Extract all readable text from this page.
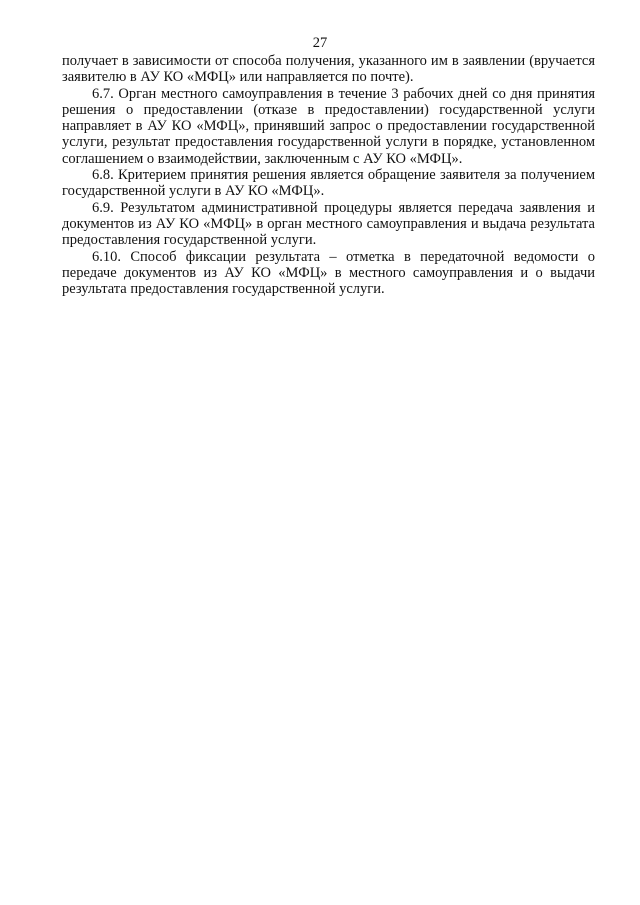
27

получает в зависимости от способа получения, указанного им в заявлении (вручается заявителю в АУ КО «МФЦ» или направляется по почте).

6.7. Орган местного самоуправления в течение 3 рабочих дней со дня принятия решения о предоставлении (отказе в предоставлении) государственной услуги направляет в АУ КО «МФЦ», принявший запрос о предоставлении государственной услуги, результат предоставления государственной услуги в порядке, установленном соглашением о взаимодействии, заключенным с АУ КО «МФЦ».

6.8. Критерием принятия решения является обращение заявителя за получением государственной услуги в АУ КО «МФЦ».

6.9. Результатом административной процедуры является передача заявления и документов из АУ КО «МФЦ» в орган местного самоуправления и выдача результата предоставления государственной услуги.

6.10. Способ фиксации результата – отметка в передаточной ведомости о передаче документов из АУ КО «МФЦ» в местного самоуправления и о выдачи результата предоставления государственной услуги.
